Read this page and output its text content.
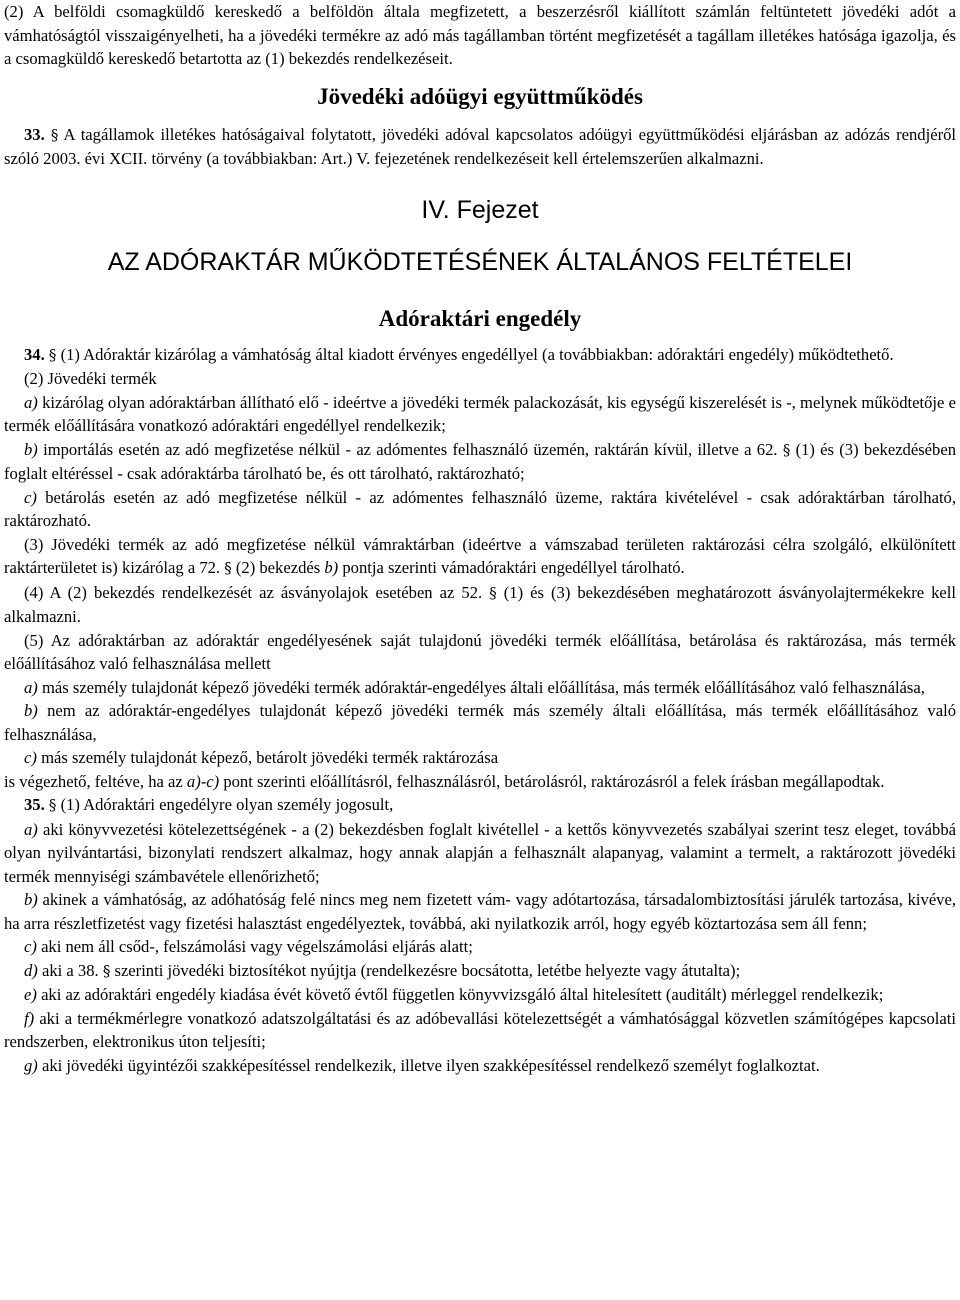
(2) A belföldi csomagküldő kereskedő a belföldön általa megfizetett, a beszerzésről kiállított számlán feltüntetett jövedéki adót a vámhatóságtól visszaigényelheti, ha a jövedéki termékre az adó más tagállamban történt megfizetését a tagállam illetékes hatósága igazolja, és a csomagküldő kereskedő betartotta az (1) bekezdés rendelkezéseit.

Jövedéki adóügyi együttműködés

33. § A tagállamok illetékes hatóságaival folytatott, jövedéki adóval kapcsolatos adóügyi együttműködési eljárásban az adózás rendjéről szóló 2003. évi XCII. törvény (a továbbiakban: Art.) V. fejezetének rendelkezéseit kell értelemszerűen alkalmazni.

IV. Fejezet

AZ ADÓRAKTÁR MŰKÖDTETÉSÉNEK ÁLTALÁNOS FELTÉTELEI

Adóraktári engedély

34. § (1) Adóraktár kizárólag a vámhatóság által kiadott érvényes engedéllyel (a továbbiakban: adóraktári engedély) működtethető.

(2) Jövedéki termék

a) kizárólag olyan adóraktárban állítható elő - ideértve a jövedéki termék palackozását, kis egységű kiszerelését is -, melynek működtetője e termék előállítására vonatkozó adóraktári engedéllyel rendelkezik;

b) importálás esetén az adó megfizetése nélkül - az adómentes felhasználó üzemén, raktárán kívül, illetve a 62. § (1) és (3) bekezdésében foglalt eltéréssel - csak adóraktárba tárolható be, és ott tárolható, raktározható;

c) betárolás esetén az adó megfizetése nélkül - az adómentes felhasználó üzeme, raktára kivételével - csak adóraktárban tárolható, raktározható.

(3) Jövedéki termék az adó megfizetése nélkül vámraktárban (ideértve a vámszabad területen raktározási célra szolgáló, elkülönített raktárterületet is) kizárólag a 72. § (2) bekezdés b) pontja szerinti vámadóraktári engedéllyel tárolható.

(4) A (2) bekezdés rendelkezését az ásványolajok esetében az 52. § (1) és (3) bekezdésében meghatározott ásványolajtermékekre kell alkalmazni.

(5) Az adóraktárban az adóraktár engedélyesének saját tulajdonú jövedéki termék előállítása, betárolása és raktározása, más termék előállításához való felhasználása mellett

a) más személy tulajdonát képező jövedéki termék adóraktár-engedélyes általi előállítása, más termék előállításához való felhasználása,

b) nem az adóraktár-engedélyes tulajdonát képező jövedéki termék más személy általi előállítása, más termék előállításához való felhasználása,

c) más személy tulajdonát képező, betárolt jövedéki termék raktározása

is végezhető, feltéve, ha az a)-c) pont szerinti előállításról, felhasználásról, betárolásról, raktározásról a felek írásban megállapodtak.

35. § (1) Adóraktári engedélyre olyan személy jogosult,

a) aki könyvvezetési kötelezettségének - a (2) bekezdésben foglalt kivétellel - a kettős könyvvezetés szabályai szerint tesz eleget, továbbá olyan nyilvántartási, bizonylati rendszert alkalmaz, hogy annak alapján a felhasznált alapanyag, valamint a termelt, a raktározott jövedéki termék mennyiségi számbavétele ellenőrizhető;

b) akinek a vámhatóság, az adóhatóság felé nincs meg nem fizetett vám- vagy adótartozása, társadalombiztosítási járulék tartozása, kivéve, ha arra részletfizetést vagy fizetési halasztást engedélyeztek, továbbá, aki nyilatkozik arról, hogy egyéb köztartozása sem áll fenn;

c) aki nem áll csőd-, felszámolási vagy végelszámolási eljárás alatt;

d) aki a 38. § szerinti jövedéki biztosítékot nyújtja (rendelkezésre bocsátotta, letétbe helyezte vagy átutalta);

e) aki az adóraktári engedély kiadása évét követő évtől független könyvvizsgáló által hitelesített (auditált) mérleggel rendelkezik;

f) aki a termékmérlegre vonatkozó adatszolgáltatási és az adóbevallási kötelezettségét a vámhatósággal közvetlen számítógépes kapcsolati rendszerben, elektronikus úton teljesíti;

g) aki jövedéki ügyintézői szakképesítéssel rendelkezik, illetve ilyen szakképesítéssel rendelkező személyt foglalkoztat.
